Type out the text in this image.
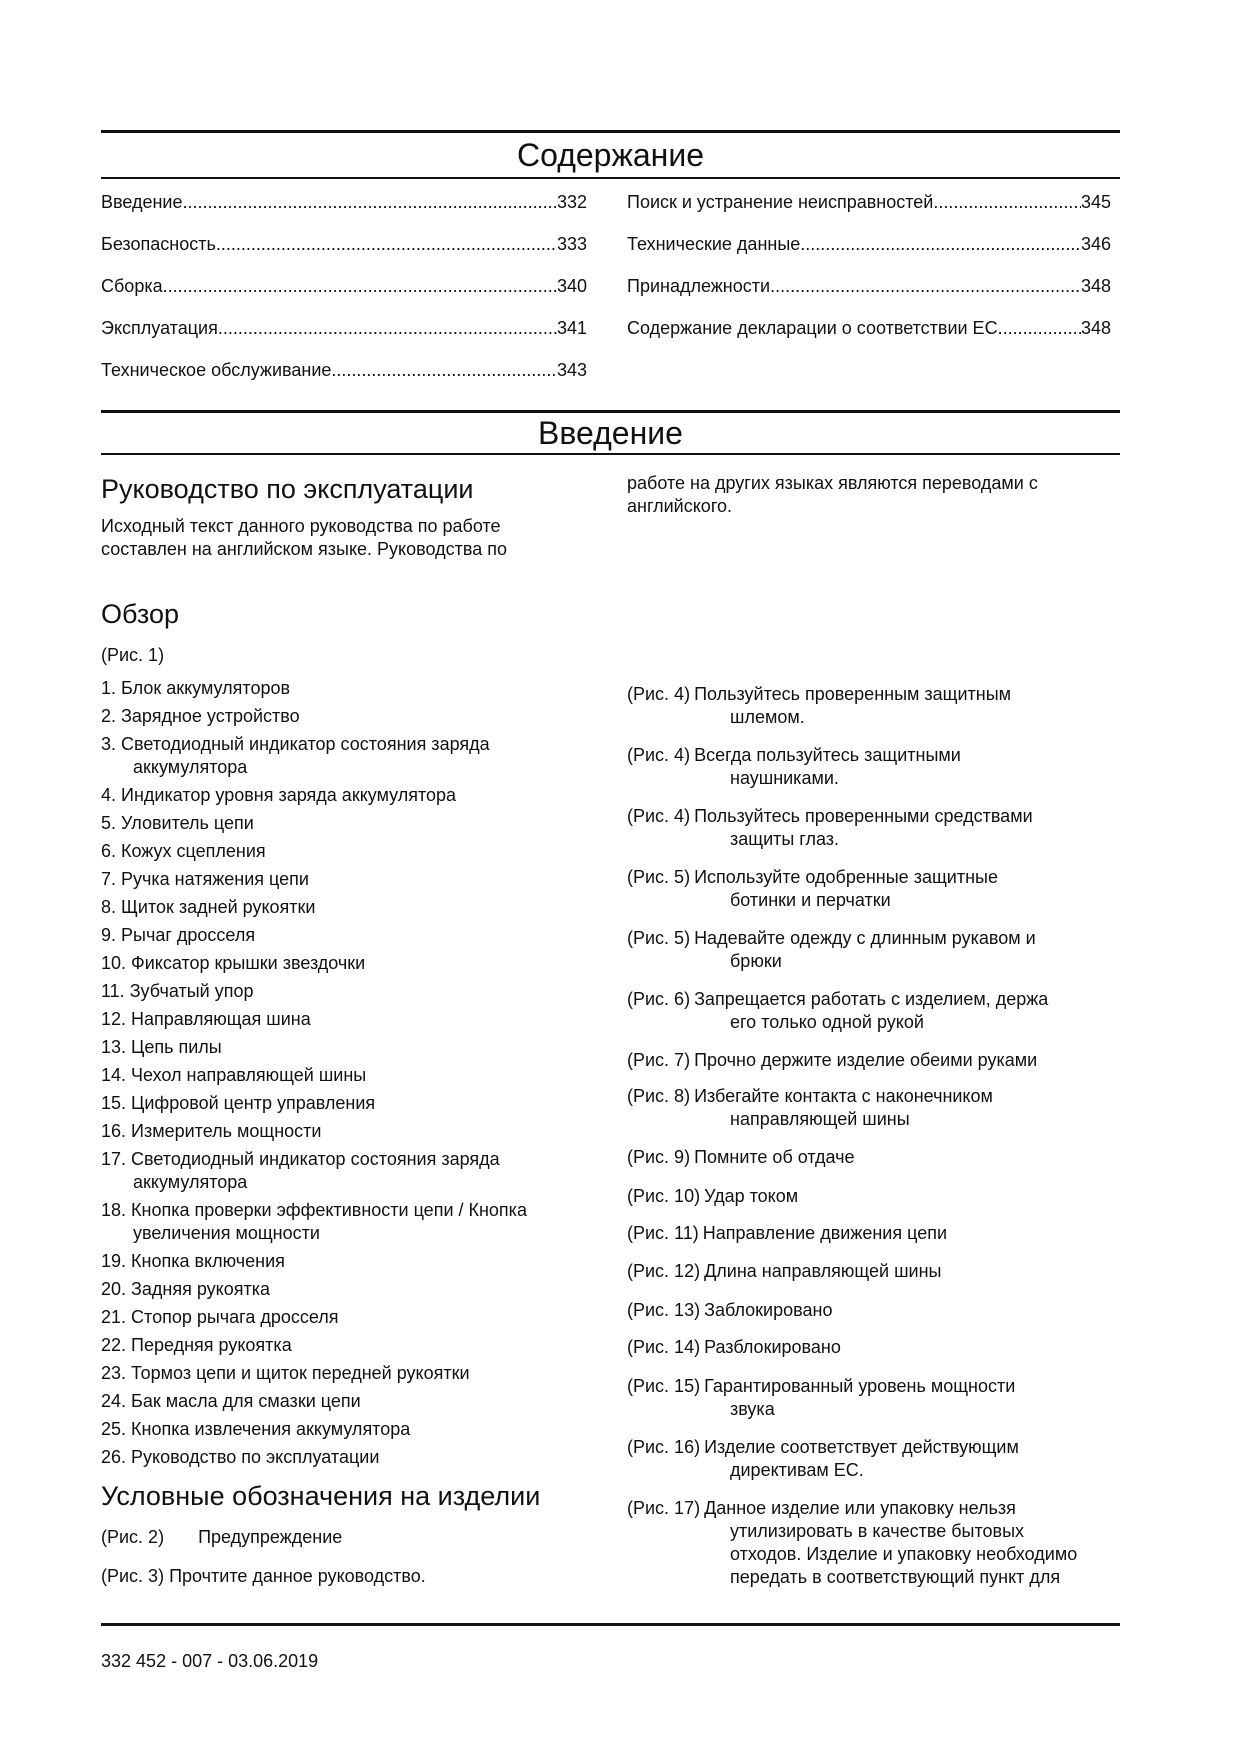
Содержание
Введение .....	332
Безопасность .....	333
Сборка .....	340
Эксплуатация .....	341
Техническое обслуживание .....	343
Поиск и устранение неисправностей .....	345
Технические данные .....	346
Принадлежности .....	348
Содержание декларации о соответствии ЕС .....	348
Введение
Руководство по эксплуатации

Исходный текст данного руководства по работе составлен на английском языке. Руководства по

Обзор

(Рис. 1)

1. Блок аккумуляторов
2. Зарядное устройство
3. Светодиодный индикатор состояния заряда
аккумулятора
4. Индикатор уровня заряда аккумулятора
5. Уловитель цепи
6. Кожух сцепления
7. Ручка натяжения цепи
8. Щиток задней рукоятки
9. Рычаг дросселя
10. Фиксатор крышки звездочки
11. Зубчатый упор
12. Направляющая шина
13. Цепь пилы
14. Чехол направляющей шины
15. Цифровой центр управления
16. Измеритель мощности
17. Светодиодный индикатор состояния заряда
аккумулятора
18. Кнопка проверки эффективности цепи / Кнопка
увеличения мощности
19. Кнопка включения
20. Задняя рукоятка
21. Стопор рычага дросселя
22. Передняя рукоятка
23. Тормоз цепи и щиток передней рукоятки
24. Бак масла для смазки цепи
25. Кнопка извлечения аккумулятора
26. Руководство по эксплуатации
Условные обозначения на изделии

(Рис. 2) Предупреждение

(Рис. 3) Прочтите данное руководство.

работе на других языках являются переводами с английского.

(Рис. 4) Пользуйтесь проверенным защитным
шлемом.

(Рис. 4) Всегда пользуйтесь защитными
наушниками.

(Рис. 4) Пользуйтесь проверенными средствами
защиты глаз.

(Рис. 5) Используйте одобренные защитные
ботинки и перчатки

(Рис. 5) Надевайте одежду с длинным рукавом и
брюки

(Рис. 6) Запрещается работать с изделием, держа
его только одной рукой

(Рис. 7) Прочно держите изделие обеими руками

(Рис. 8) Избегайте контакта с наконечником
направляющей шины

(Рис. 9) Помните об отдаче

(Рис. 10) Удар током

(Рис. 11) Направление движения цепи

(Рис. 12) Длина направляющей шины

(Рис. 13) Заблокировано

(Рис. 14) Разблокировано

(Рис. 15) Гарантированный уровень мощности
звука

(Рис. 16) Изделие соответствует действующим
директивам ЕС.

(Рис. 17) Данное изделие или упаковку нельзя
утилизировать в качестве бытовых
отходов. Изделие и упаковку необходимо
передать в соответствующий пункт для

332 452 - 007 - 03.06.2019
